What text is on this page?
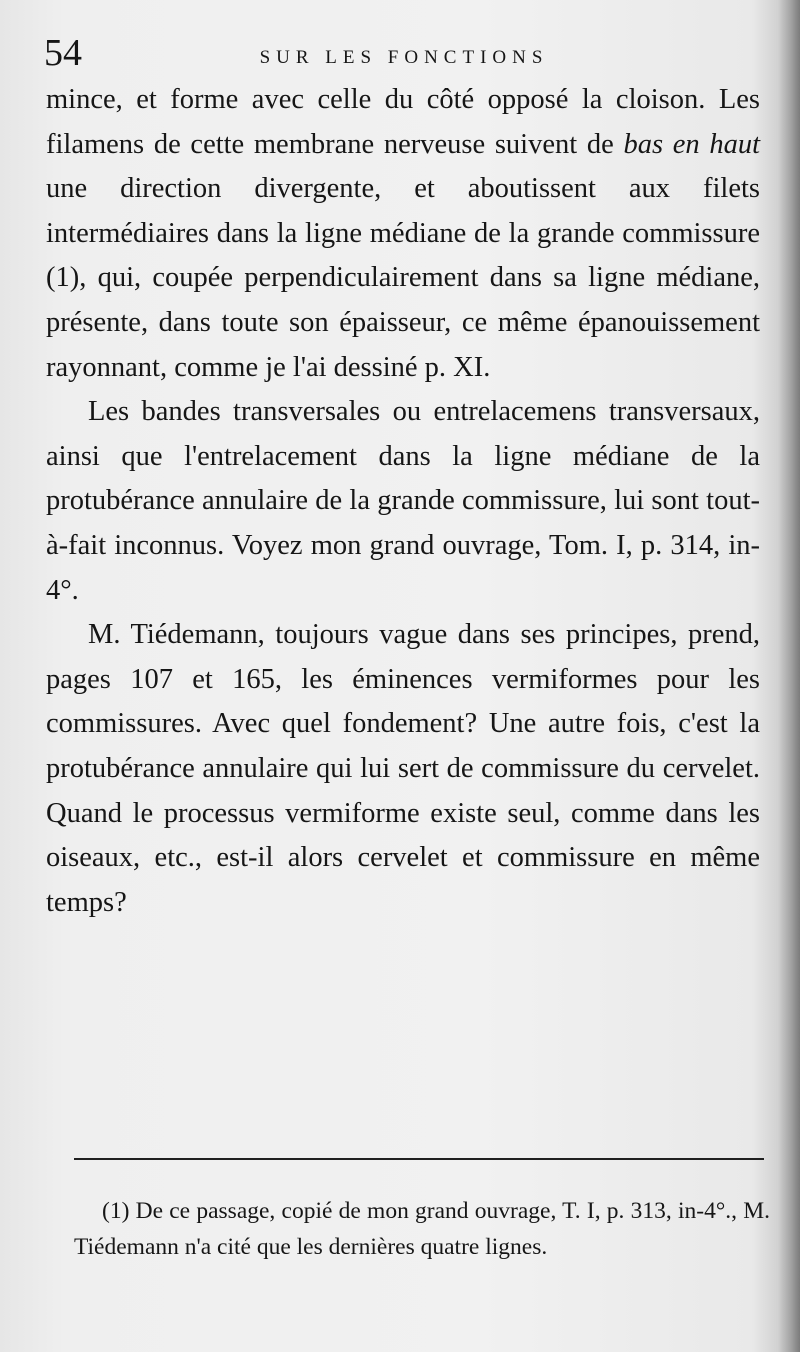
54	SUR LES FONCTIONS

mince, et forme avec celle du côté opposé la cloison. Les filamens de cette membrane nerveuse suivent de bas en haut une direction divergente, et aboutissent aux filets intermédiaires dans la ligne médiane de la grande commissure (1), qui, coupée perpendiculairement dans sa ligne médiane, présente, dans toute son épaisseur, ce même épanouissement rayonnant, comme je l'ai dessiné p. XI.

Les bandes transversales ou entrelacemens transversaux, ainsi que l'entrelacement dans la ligne médiane de la protubérance annulaire de la grande commissure, lui sont tout-à-fait inconnus. Voyez mon grand ouvrage, Tom. I, p. 314, in-4°.

M. Tiédemann, toujours vague dans ses principes, prend, pages 107 et 165, les éminences vermiformes pour les commissures. Avec quel fondement? Une autre fois, c'est la protubérance annulaire qui lui sert de commissure du cervelet. Quand le processus vermiforme existe seul, comme dans les oiseaux, etc., est-il alors cervelet et commissure en même temps?

(1) De ce passage, copié de mon grand ouvrage, T. I, p. 313, in-4°., M. Tiédemann n'a cité que les dernières quatre lignes.
